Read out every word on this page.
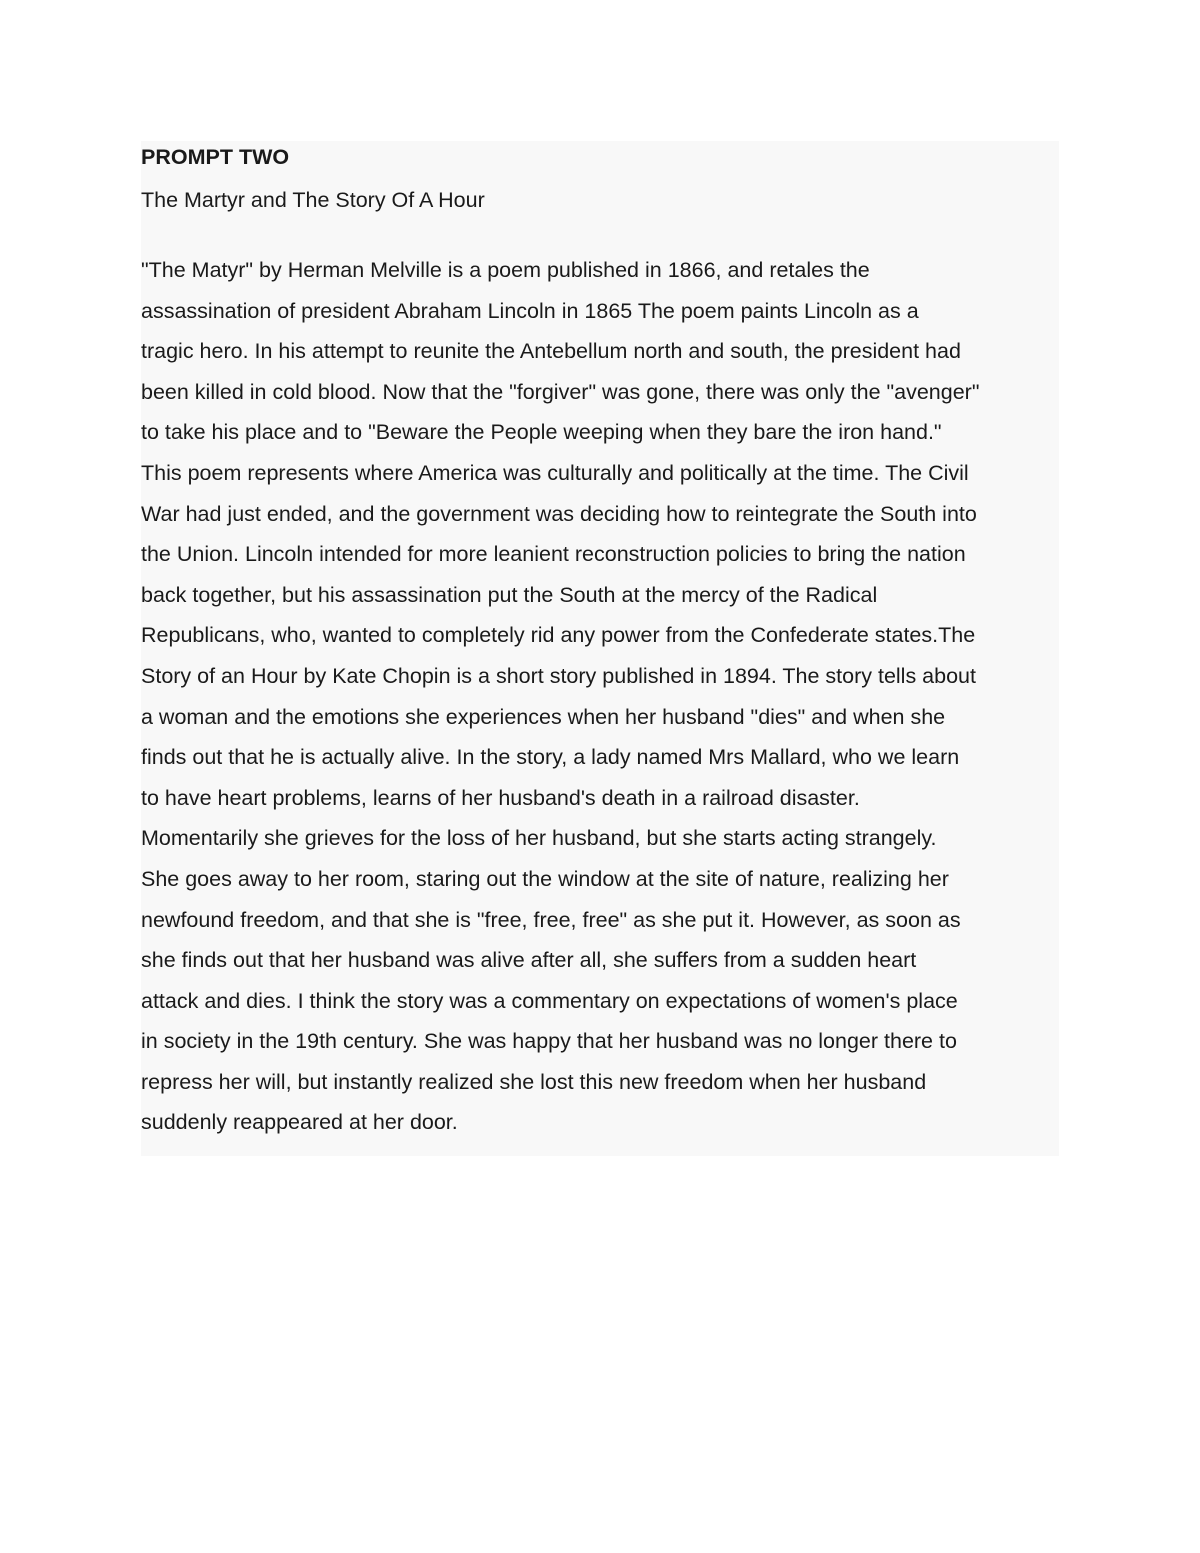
PROMPT TWO
The Martyr and The Story Of A Hour
"The Matyr" by Herman Melville is a poem published in 1866, and retales the
assassination of president Abraham Lincoln in 1865 The poem paints Lincoln as a
tragic hero. In his attempt to reunite the Antebellum north and south, the president had
been killed in cold blood. Now that the "forgiver" was gone, there was only the "avenger"
to take his place and to "Beware the People weeping when they bare the iron hand."
This poem represents where America was culturally and politically at the time. The Civil
War had just ended, and the government was deciding how to reintegrate the South into
the Union. Lincoln intended for more leanient reconstruction policies to bring the nation
back together, but his assassination put the South at the mercy of the Radical
Republicans, who, wanted to completely rid any power from the Confederate states.The
Story of an Hour by Kate Chopin is a short story published in 1894. The story tells about
a woman and the emotions she experiences when her husband "dies" and when she
finds out that he is actually alive. In the story, a lady named Mrs Mallard, who we learn
to have heart problems, learns of her husband's death in a railroad disaster.
Momentarily she grieves for the loss of her husband, but she starts acting strangely.
She goes away to her room, staring out the window at the site of nature, realizing her
newfound freedom, and that she is "free, free, free" as she put it. However, as soon as
she finds out that her husband was alive after all, she suffers from a sudden heart
attack and dies. I think the story was a commentary on expectations of women's place
in society in the 19th century. She was happy that her husband was no longer there to
repress her will, but instantly realized she lost this new freedom when her husband
suddenly reappeared at her door.
